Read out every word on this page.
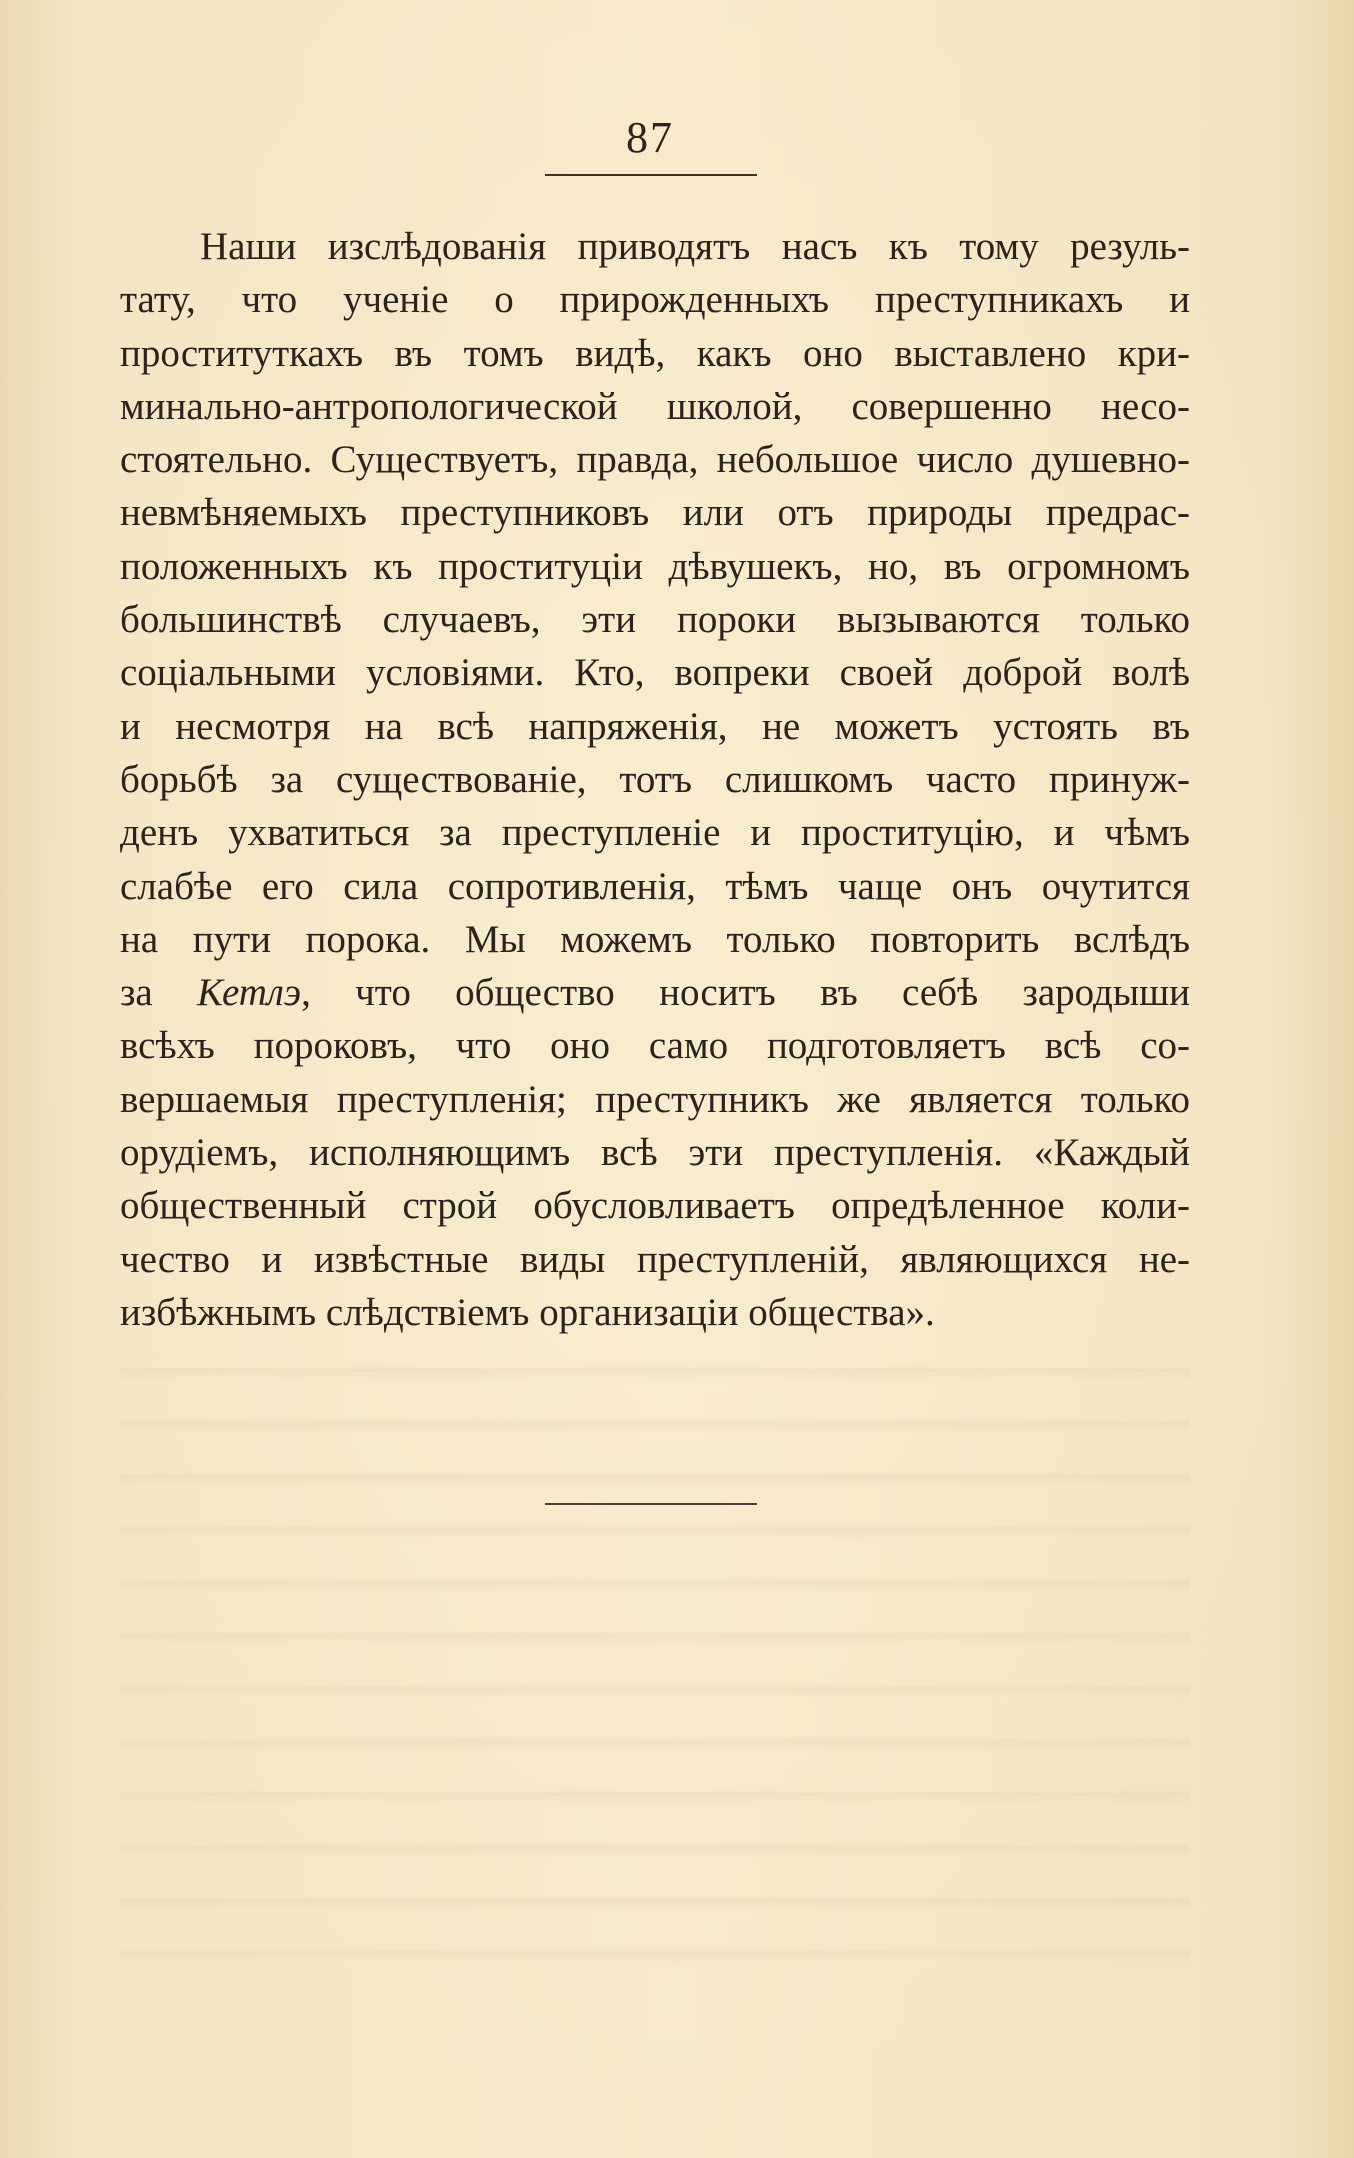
87
Наши изслѣдованія приводятъ насъ къ тому резуль-
тату, что ученіе о прирожденныхъ преступникахъ и
проституткахъ въ томъ видѣ, какъ оно выставлено кри-
минально-антропологической школой, совершенно несо-
стоятельно. Существуетъ, правда, небольшое число душевно-
невмѣняемыхъ преступниковъ или отъ природы предрас-
положенныхъ къ проституціи дѣвушекъ, но, въ огромномъ
большинствѣ случаевъ, эти пороки вызываются только
соціальными условіями. Кто, вопреки своей доброй волѣ
и несмотря на всѣ напряженія, не можетъ устоять въ
борьбѣ за существованіе, тотъ слишкомъ часто принуж-
денъ ухватиться за преступленіе и проституцію, и чѣмъ
слабѣе его сила сопротивленія, тѣмъ чаще онъ очутится
на пути порока. Мы можемъ только повторить вслѣдъ
за Кетлэ, что общество носитъ въ себѣ зародыши
всѣхъ пороковъ, что оно само подготовляетъ всѣ со-
вершаемыя преступленія; преступникъ же является только
орудіемъ, исполняющимъ всѣ эти преступленія. «Каждый
общественный строй обусловливаетъ опредѣленное коли-
чество и извѣстные виды преступленій, являющихся не-
избѣжнымъ слѣдствіемъ организаціи общества».
